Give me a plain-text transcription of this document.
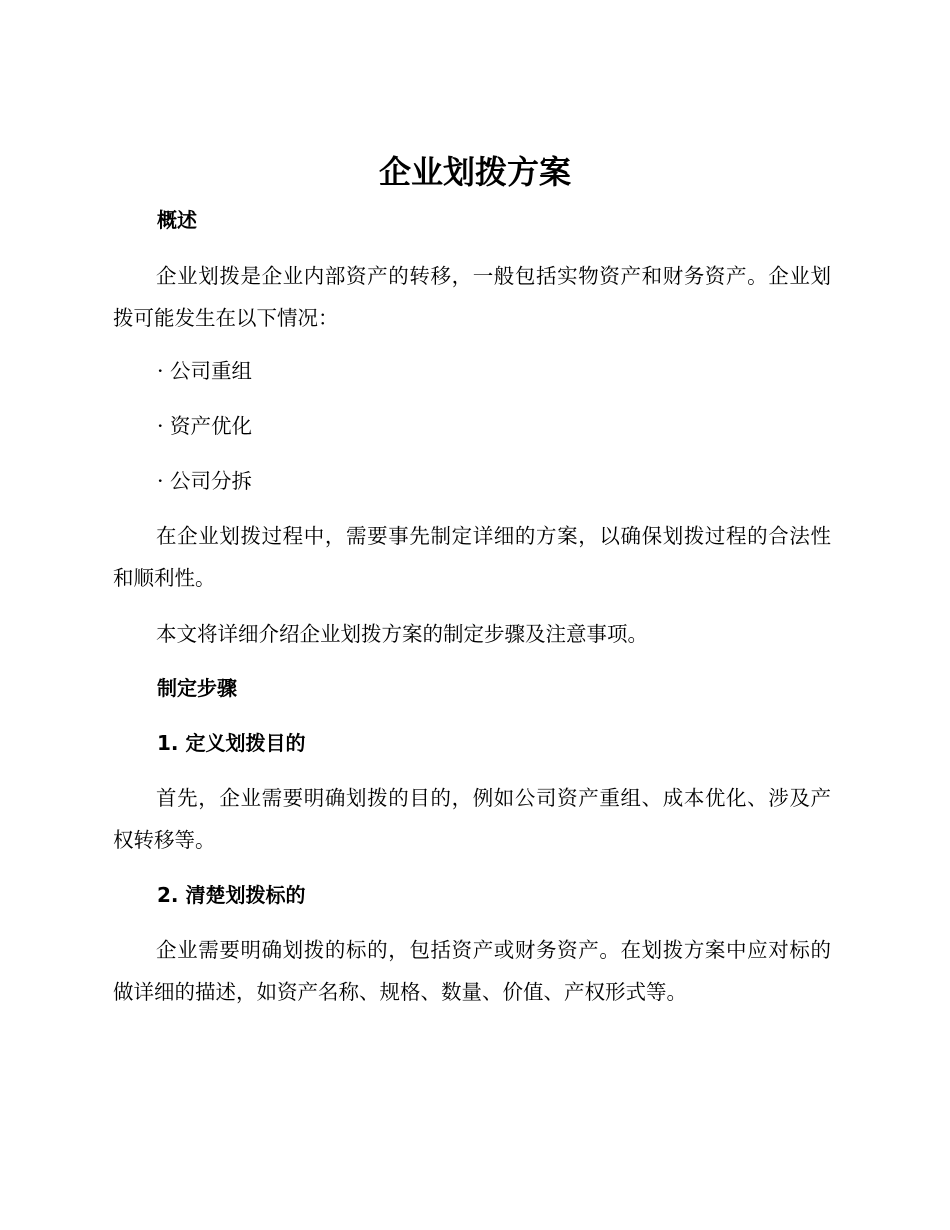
企业划拨方案
概述

企业划拨是企业内部资产的转移，一般包括实物资产和财务资产。企业划拨可能发生在以下情况：

· 公司重组

· 资产优化

· 公司分拆

在企业划拨过程中，需要事先制定详细的方案，以确保划拨过程的合法性和顺利性。

本文将详细介绍企业划拨方案的制定步骤及注意事项。

制定步骤
1. 定义划拨目的

首先，企业需要明确划拨的目的，例如公司资产重组、成本优化、涉及产权转移等。

2. 清楚划拨标的

企业需要明确划拨的标的，包括资产或财务资产。在划拨方案中应对标的做详细的描述，如资产名称、规格、数量、价值、产权形式等。
